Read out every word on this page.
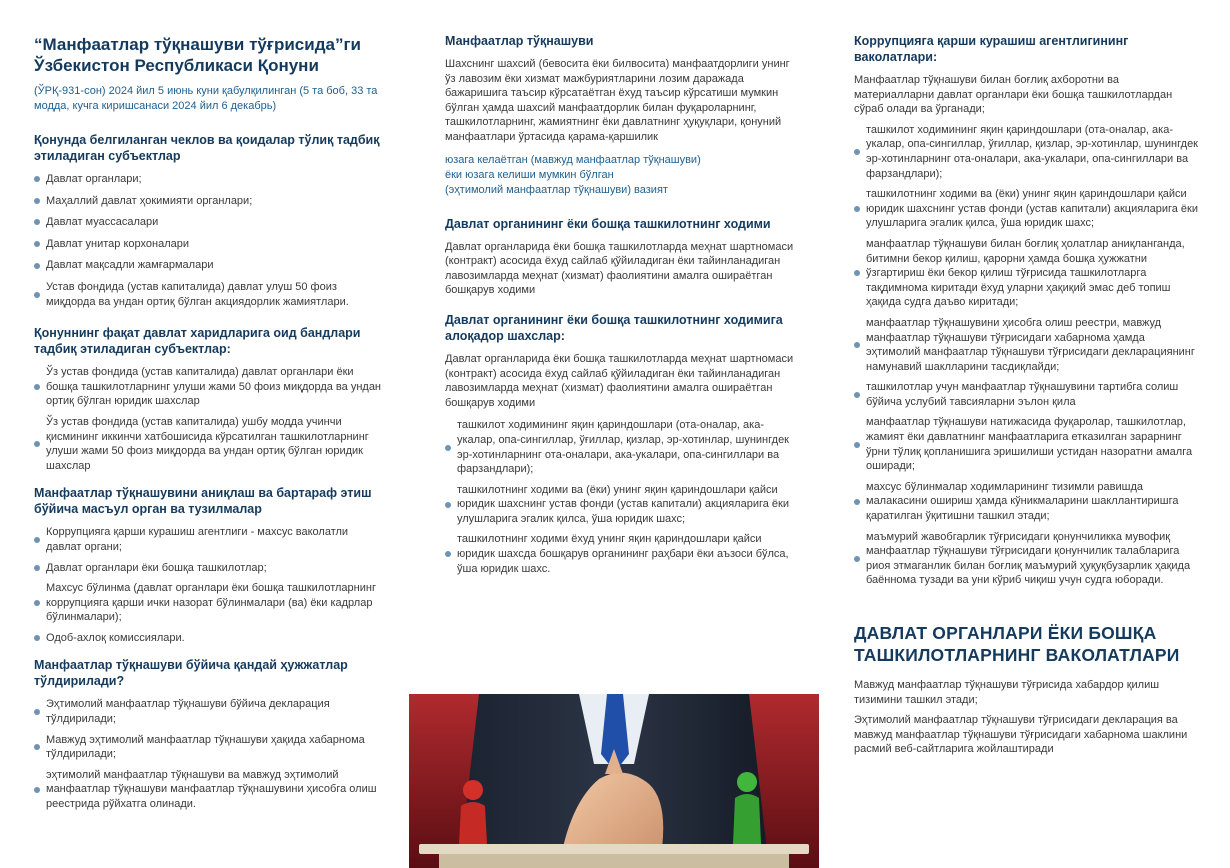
“Манфаатлар тўқнашуви тўғрисида”ги Ўзбекистон Республикаси Қонуни
(ЎРҚ-931-сон) 2024 йил 5 июнь куни қабулқилинган (5 та боб, 33 та модда, кучга киришсанаси 2024 йил 6 декабрь)
Қонунда белгиланган чеклов ва қоидалар тўлиқ тадбиқ этиладиган субъектлар
Давлат органлари;
Маҳаллий давлат ҳокимияти органлари;
Давлат муассасалари
Давлат унитар корхоналари
Давлат мақсадли жамғармалари
Устав фондида (устав капиталида) давлат улуш 50 фоиз миқдорда ва ундан ортиқ бўлган акциядорлик жамиятлари.
Қонуннинг фақат давлат харидларига оид бандлари тадбиқ этиладиган субъектлар:
Ўз устав фондида (устав капиталида) давлат органлари ёки бошқа ташкилотларнинг улуши жами 50 фоиз миқдорда ва ундан ортиқ бўлган юридик шахслар
Ўз устав фондида (устав капиталида) ушбу модда учинчи қисмининг иккинчи хатбошисида кўрсатилган ташкилотларнинг улуши жами 50 фоиз миқдорда ва ундан ортиқ бўлган юридик шахслар
Манфаатлар тўқнашувини аниқлаш ва бартараф этиш бўйича масъул орган ва тузилмалар
Коррупцияга қарши курашиш агентлиги - махсус ваколатли давлат органи;
Давлат органлари ёки бошқа ташкилотлар;
Махсус бўлинма (давлат органлари ёки бошқа ташкилотларнинг коррупцияга қарши ички назорат бўлинмалари (ва) ёки кадрлар бўлинмалари);
Одоб-ахлоқ комиссиялари.
Манфаатлар тўқнашуви бўйича қандай ҳужжатлар тўлдирилади?
Эҳтимолий манфаатлар тўқнашуви бўйича декларация тўлдирилади;
Мавжуд эҳтимолий манфаатлар тўқнашуви ҳақида хабарнома тўлдирилади;
эҳтимолий манфаатлар тўқнашуви ва мавжуд эҳтимолий манфаатлар тўқнашуви манфаатлар тўқнашувини ҳисобга олиш реестрида рўйхатга олинади.
Манфаатлар тўқнашуви

Шахснинг шахсий (бевосита ёки билвосита) манфаатдорлиги унинг ўз лавозим ёки хизмат мажбуриятларини лозим даражада бажаришига таъсир кўрсатаётган ёхуд таъсир кўрсатиши мумкин бўлган ҳамда шахсий манфаатдорлик билан фуқароларнинг, ташкилотларнинг, жамиятнинг ёки давлатнинг ҳуқуқлари, қонуний манфаатлари ўртасида қарама-қаршилик

юзага келаётган (мавжуд манфаатлар тўқнашуви)
ёки юзага келиши мумкин бўлган
(эҳтимолий манфаатлар тўқнашуви) вазият
Давлат органининг ёки бошқа ташкилотнинг ходими

Давлат органларида ёки бошқа ташкилотларда меҳнат шартномаси (контракт) асосида ёхуд сайлаб қўйиладиган ёки тайинланадиган лавозимларда меҳнат (хизмат) фаолиятини амалга ошираётган бошқарув ходими

Давлат органининг ёки бошқа ташкилотнинг ходимига алоқадор шахслар:

Давлат органларида ёки бошқа ташкилотларда меҳнат шартномаси (контракт) асосида ёхуд сайлаб қўйиладиган ёки тайинланадиган лавозимларда меҳнат (хизмат) фаолиятини амалга ошираётган бошқарув ходими

ташкилот ходимининг яқин қариндошлари (ота-оналар, ака-укалар, опа-сингиллар, ўғиллар, қизлар, эр-хотинлар, шунингдек эр-хотинларнинг ота-оналари, ака-укалари, опа-сингиллари ва фарзандлари);
ташкилотнинг ходими ва (ёки) унинг яқин қариндошлари қайси юридик шахснинг устав фонди (устав капитали) акцияларига ёки улушларига эгалик қилса, ўша юридик шахс;
ташкилотнинг ходими ёхуд унинг яқин қариндошлари қайси юридик шахсда бошқарув органининг раҳбари ёки аъзоси бўлса, ўша юридик шахс.
Коррупцияга қарши курашиш агентлигининг ваколатлари:

Манфаатлар тўқнашуви билан боғлиқ ахборотни ва материалларни давлат органлари ёки бошқа ташкилотлардан сўраб олади ва ўрганади;

ташкилот ходимининг яқин қариндошлари (ота-оналар, ака-укалар, опа-сингиллар, ўғиллар, қизлар, эр-хотинлар, шунингдек эр-хотинларнинг ота-оналари, ака-укалари, опа-сингиллари ва фарзандлари);
ташкилотнинг ходими ва (ёки) унинг яқин қариндошлари қайси юридик шахснинг устав фонди (устав капитали) акцияларига ёки улушларига эгалик қилса, ўша юридик шахс;
манфаатлар тўқнашуви билан боғлиқ ҳолатлар аниқланганда, битимни бекор қилиш, қарорни ҳамда бошқа ҳужжатни ўзгартириш ёки бекор қилиш тўғрисида ташкилотларга тақдимнома киритади ёхуд уларни ҳақиқий эмас деб топиш ҳақида судга даъво киритади;
манфаатлар тўқнашувини ҳисобга олиш реестри, мавжуд манфаатлар тўқнашуви тўғрисидаги хабарнома ҳамда эҳтимолий манфаатлар тўқнашуви тўғрисидаги декларациянинг намунавий шаклларини тасдиқлайди;
ташкилотлар учун манфаатлар тўқнашувини тартибга солиш бўйича услубий тавсияларни эълон қила
манфаатлар тўқнашуви натижасида фуқаролар, ташкилотлар, жамият ёки давлатнинг манфаатларига етказилган зарарнинг ўрни тўлиқ қопланишига эришилиши устидан назоратни амалга оширади;
махсус бўлинмалар ходимларининг тизимли равишда малакасини ошириш ҳамда кўникмаларини шакллантиришга қаратилган ўқитишни ташкил этади;
маъмурий жавобгарлик тўғрисидаги қонунчиликка мувофиқ манфаатлар тўқнашуви тўғрисидаги қонунчилик талабларига риоя этмаганлик билан боғлиқ маъмурий ҳуқуқбузарлик ҳақида баённома тузади ва уни кўриб чиқиш учун судга юборади.
ДАВЛАТ ОРГАНЛАРИ ЁКИ БОШҚА ТАШКИЛОТЛАРНИНГ ВАКОЛАТЛАРИ

Мавжуд манфаатлар тўқнашуви тўғрисида хабардор қилиш тизимини ташкил этади;

Эҳтимолий манфаатлар тўқнашуви тўғрисидаги декларация ва мавжуд манфаатлар тўқнашуви тўғрисидаги хабарнома шаклини расмий веб-сайтларига жойлаштиради
